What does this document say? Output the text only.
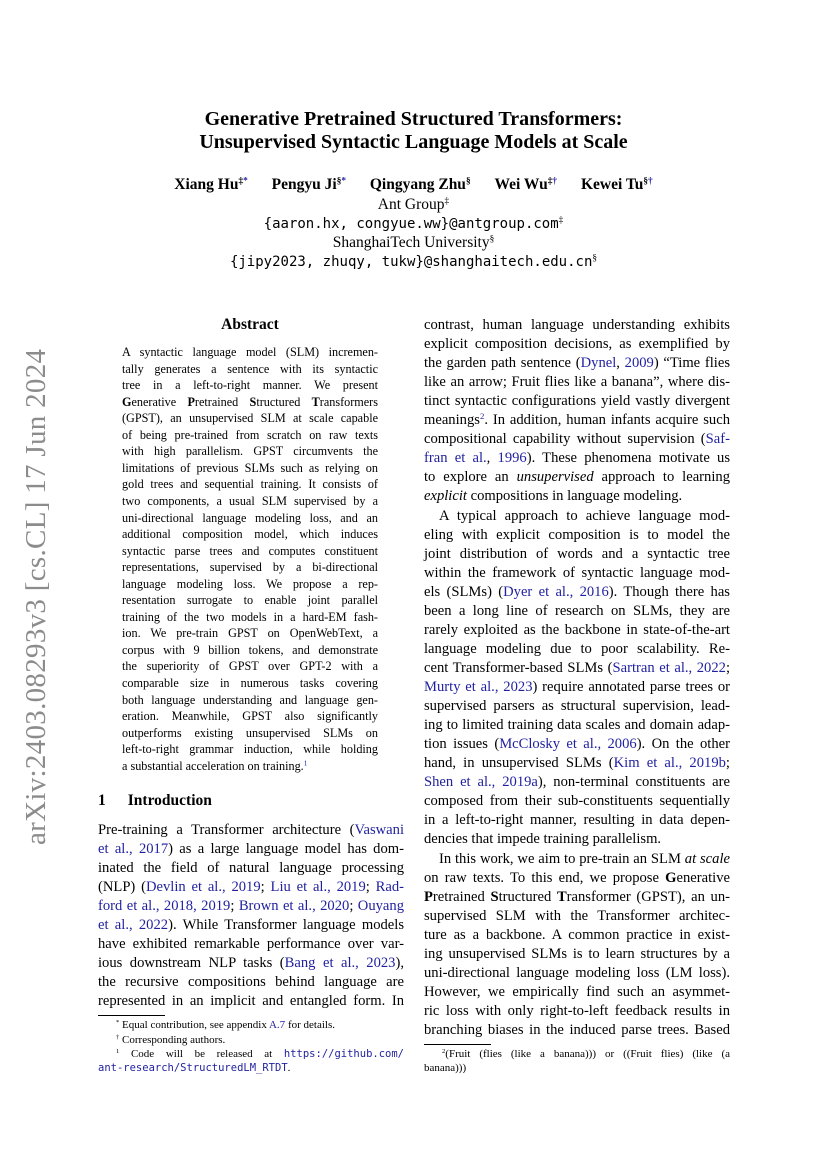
arXiv:2403.08293v3 [cs.CL] 17 Jun 2024
Generative Pretrained Structured Transformers:
Unsupervised Syntactic Language Models at Scale
Xiang Hu‡* Pengyu Ji§* Qingyang Zhu§ Wei Wu‡† Kewei Tu§†
Ant Group‡
{aaron.hx, congyue.ww}@antgroup.com‡
ShanghaiTech University§
{jipy2023, zhuqy, tukw}@shanghaitech.edu.cn§
Abstract
A syntactic language model (SLM) incremen-
tally generates a sentence with its syntactic
tree in a left-to-right manner. We present
Generative Pretrained Structured Transformers
(GPST), an unsupervised SLM at scale capable
of being pre-trained from scratch on raw texts
with high parallelism. GPST circumvents the
limitations of previous SLMs such as relying on
gold trees and sequential training. It consists of
two components, a usual SLM supervised by a
uni-directional language modeling loss, and an
additional composition model, which induces
syntactic parse trees and computes constituent
representations, supervised by a bi-directional
language modeling loss. We propose a rep-
resentation surrogate to enable joint parallel
training of the two models in a hard-EM fash-
ion. We pre-train GPST on OpenWebText, a
corpus with 9 billion tokens, and demonstrate
the superiority of GPST over GPT-2 with a
comparable size in numerous tasks covering
both language understanding and language gen-
eration. Meanwhile, GPST also significantly
outperforms existing unsupervised SLMs on
left-to-right grammar induction, while holding
a substantial acceleration on training.$^1$
1 Introduction
Pre-training a Transformer architecture (Vaswani
et al., 2017) as a large language model has dom-
inated the field of natural language processing
(NLP) (Devlin et al., 2019; Liu et al., 2019; Rad-
ford et al., 2018, 2019; Brown et al., 2020; Ouyang
et al., 2022). While Transformer language models
have exhibited remarkable performance over var-
ious downstream NLP tasks (Bang et al., 2023),
the recursive compositions behind language are
represented in an implicit and entangled form. In
* Equal contribution, see appendix A.7 for details.
† Corresponding authors.
$^1$ Code will be released at https://github.com/
ant-research/StructuredLM_RTDT.
contrast, human language understanding exhibits
explicit composition decisions, as exemplified by
the garden path sentence (Dynel, 2009) “Time flies
like an arrow; Fruit flies like a banana”, where dis-
tinct syntactic configurations yield vastly divergent
meanings$^2$. In addition, human infants acquire such
compositional capability without supervision (Saf-
fran et al., 1996). These phenomena motivate us
to explore an unsupervised approach to learning
explicit compositions in language modeling.
A typical approach to achieve language mod-
eling with explicit composition is to model the
joint distribution of words and a syntactic tree
within the framework of syntactic language mod-
els (SLMs) (Dyer et al., 2016). Though there has
been a long line of research on SLMs, they are
rarely exploited as the backbone in state-of-the-art
language modeling due to poor scalability. Re-
cent Transformer-based SLMs (Sartran et al., 2022;
Murty et al., 2023) require annotated parse trees or
supervised parsers as structural supervision, lead-
ing to limited training data scales and domain adap-
tion issues (McClosky et al., 2006). On the other
hand, in unsupervised SLMs (Kim et al., 2019b;
Shen et al., 2019a), non-terminal constituents are
composed from their sub-constituents sequentially
in a left-to-right manner, resulting in data depen-
dencies that impede training parallelism.
In this work, we aim to pre-train an SLM at scale
on raw texts. To this end, we propose Generative
Pretrained Structured Transformer (GPST), an un-
supervised SLM with the Transformer architec-
ture as a backbone. A common practice in exist-
ing unsupervised SLMs is to learn structures by a
uni-directional language modeling loss (LM loss).
However, we empirically find such an asymmet-
ric loss with only right-to-left feedback results in
branching biases in the induced parse trees. Based
$^2$(Fruit (flies (like a banana))) or ((Fruit flies) (like (a
banana)))
